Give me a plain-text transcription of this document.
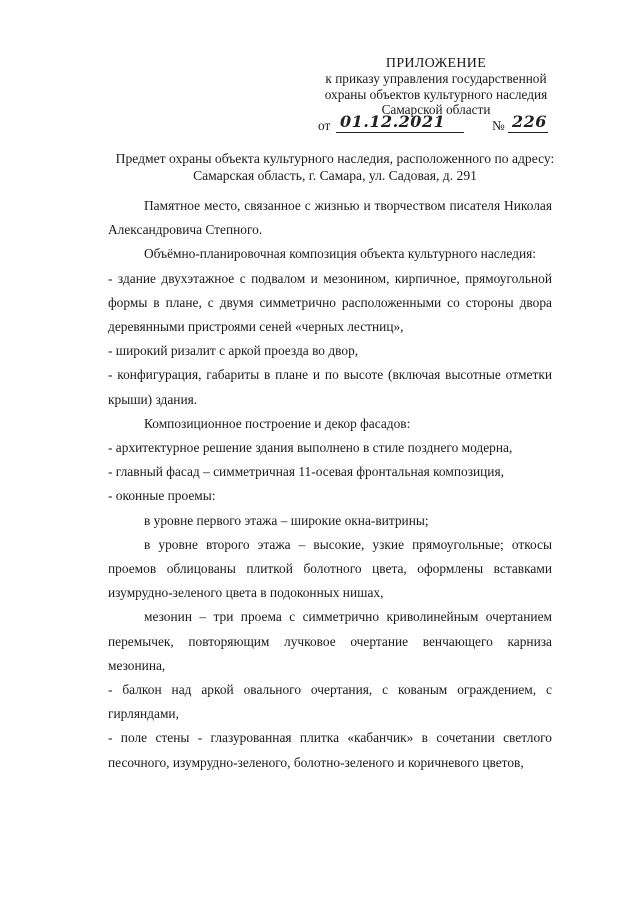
ПРИЛОЖЕНИЕ
к приказу управления государственной
охраны объектов культурного наследия
Самарской области
от 01.12.2021	№ 226
Предмет охраны объекта культурного наследия, расположенного по адресу:
Самарская область, г. Самара, ул. Садовая, д. 291

Памятное место, связанное с жизнью и творчеством писателя Николая Александровича Степного.

Объёмно-планировочная композиция объекта культурного наследия:

- здание двухэтажное с подвалом и мезонином, кирпичное, прямоугольной формы в плане, с двумя симметрично расположенными со стороны двора деревянными пристроями сеней «черных лестниц»,

- широкий ризалит с аркой проезда во двор,

- конфигурация, габариты в плане и по высоте (включая высотные отметки крыши) здания.

Композиционное построение и декор фасадов:

- архитектурное решение здания выполнено в стиле позднего модерна,

- главный фасад – симметричная 11-осевая фронтальная композиция,

- оконные проемы:

в уровне первого этажа – широкие окна-витрины;

в уровне второго этажа – высокие, узкие прямоугольные; откосы проемов облицованы плиткой болотного цвета, оформлены вставками изумрудно-зеленого цвета в подоконных нишах,

мезонин – три проема с симметрично криволинейным очертанием перемычек, повторяющим лучковое очертание венчающего карниза мезонина,

- балкон над аркой овального очертания, с кованым ограждением, с гирляндами,

- поле стены - глазурованная плитка «кабанчик» в сочетании светлого песочного, изумрудно-зеленого, болотно-зеленого и коричневого цветов,
